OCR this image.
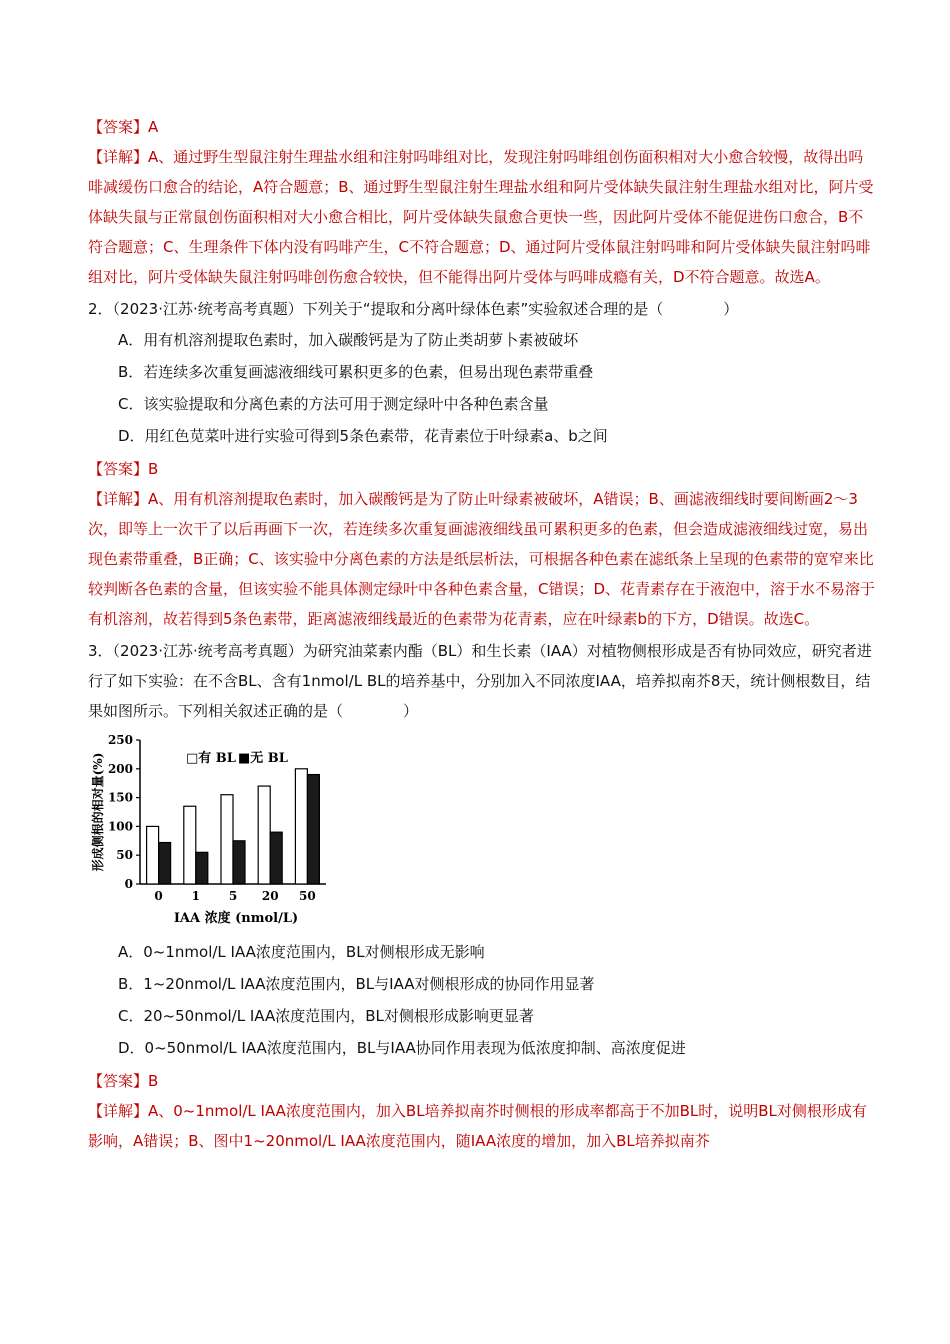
【答案】A

【详解】A、通过野生型鼠注射生理盐水组和注射吗啡组对比，发现注射吗啡组创伤面积相对大小愈合较慢，故得出吗啡减缓伤口愈合的结论，A符合题意；B、通过野生型鼠注射生理盐水组和阿片受体缺失鼠注射生理盐水组对比，阿片受体缺失鼠与正常鼠创伤面积相对大小愈合相比，阿片受体缺失鼠愈合更快一些，因此阿片受体不能促进伤口愈合，B不符合题意；C、生理条件下体内没有吗啡产生，C不符合题意；D、通过阿片受体鼠注射吗啡和阿片受体缺失鼠注射吗啡组对比，阿片受体缺失鼠注射吗啡创伤愈合较快，但不能得出阿片受体与吗啡成瘾有关，D不符合题意。故选A。

2．（2023·江苏·统考高考真题）下列关于“提取和分离叶绿体色素”实验叙述合理的是（　　　　）

A．用有机溶剂提取色素时，加入碳酸钙是为了防止类胡萝卜素被破坏

B．若连续多次重复画滤液细线可累积更多的色素，但易出现色素带重叠

C．该实验提取和分离色素的方法可用于测定绿叶中各种色素含量

D．用红色苋菜叶进行实验可得到5条色素带，花青素位于叶绿素a、b之间

【答案】B

【详解】A、用有机溶剂提取色素时，加入碳酸钙是为了防止叶绿素被破坏，A错误；B、画滤液细线时要间断画2～3次，即等上一次干了以后再画下一次，若连续多次重复画滤液细线虽可累积更多的色素，但会造成滤液细线过宽，易出现色素带重叠，B正确；C、该实验中分离色素的方法是纸层析法，可根据各种色素在滤纸条上呈现的色素带的宽窄来比较判断各色素的含量，但该实验不能具体测定绿叶中各种色素含量，C错误；D、花青素存在于液泡中，溶于水不易溶于有机溶剂，故若得到5条色素带，距离滤液细线最近的色素带为花青素，应在叶绿素b的下方，D错误。故选C。

3．（2023·江苏·统考高考真题）为研究油菜素内酯（BL）和生长素（IAA）对植物侧根形成是否有协同效应，研究者进行了如下实验：在不含BL、含有1nmol/L BL的培养基中，分别加入不同浓度IAA，培养拟南芥8天，统计侧根数目，结果如图所示。下列相关叙述正确的是（　　　　）

0
50
100
150
200
250
0 1 5 20 50
形成侧根的相对量(%)
IAA 浓度 (nmol/L)
□有 BL ■无 BL

A．0~1nmol/L IAA浓度范围内，BL对侧根形成无影响

B．1~20nmol/L IAA浓度范围内，BL与IAA对侧根形成的协同作用显著

C．20~50nmol/L IAA浓度范围内，BL对侧根形成影响更显著

D．0~50nmol/L IAA浓度范围内，BL与IAA协同作用表现为低浓度抑制、高浓度促进

【答案】B

【详解】A、0~1nmol/L IAA浓度范围内，加入BL培养拟南芥时侧根的形成率都高于不加BL时，说明BL对侧根形成有影响，A错误；B、图中1~20nmol/L IAA浓度范围内，随IAA浓度的增加，加入BL培养拟南芥
